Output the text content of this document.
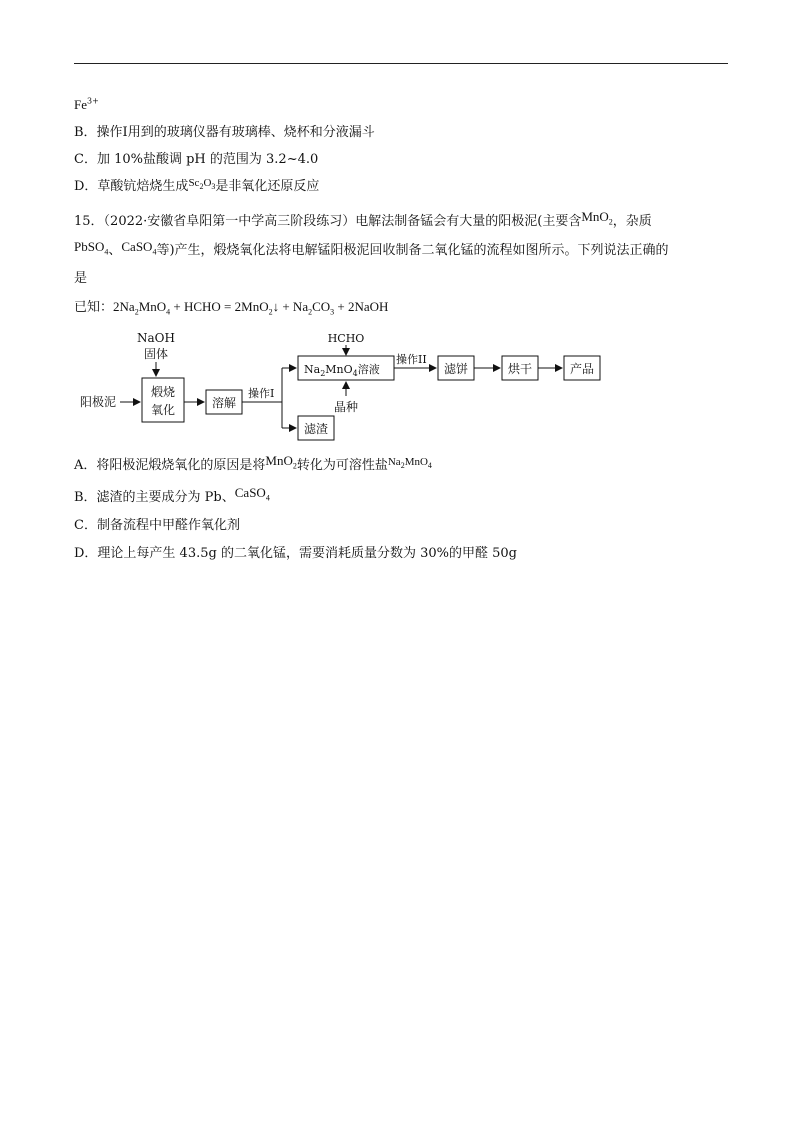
$Fe^{3+}$
B．操作Ⅰ用到的玻璃仪器有玻璃棒、烧杯和分液漏斗
C．加 10%盐酸调 pH 的范围为 3.2~4.0
D．草酸钪焙烧生成$^{Sc_2O_3}$是非氧化还原反应
15．（2022·安徽省阜阳第一中学高三阶段练习）电解法制备锰会有大量的阳极泥(主要含MnO$_2$，杂质
PbSO$_4$、CaSO$_4$等)产生，煅烧氧化法将电解锰阳极泥回收制备二氧化锰的流程如图所示。下列说法正确的
是
已知：$2Na_2MnO_4$ + HCHO = 2MnO$_2$↓ + $Na_2CO_3$ + 2NaOH
NaOH
固体
阳极泥
煅烧
氧化	溶解
操作I
$Na_2MnO_4$溶液
HCHO
晶种
滤渣
操作II
滤饼	烘干	产品
A．将阳极泥煅烧氧化的原因是将MnO$_2$转化为可溶性盐$^{Na_2MnO_4}$
B．滤渣的主要成分为 Pb、CaSO$_4$
C．制备流程中甲醛作氧化剂
D．理论上每产生 43.5g 的二氧化锰，需要消耗质量分数为 30%的甲醛 50g
